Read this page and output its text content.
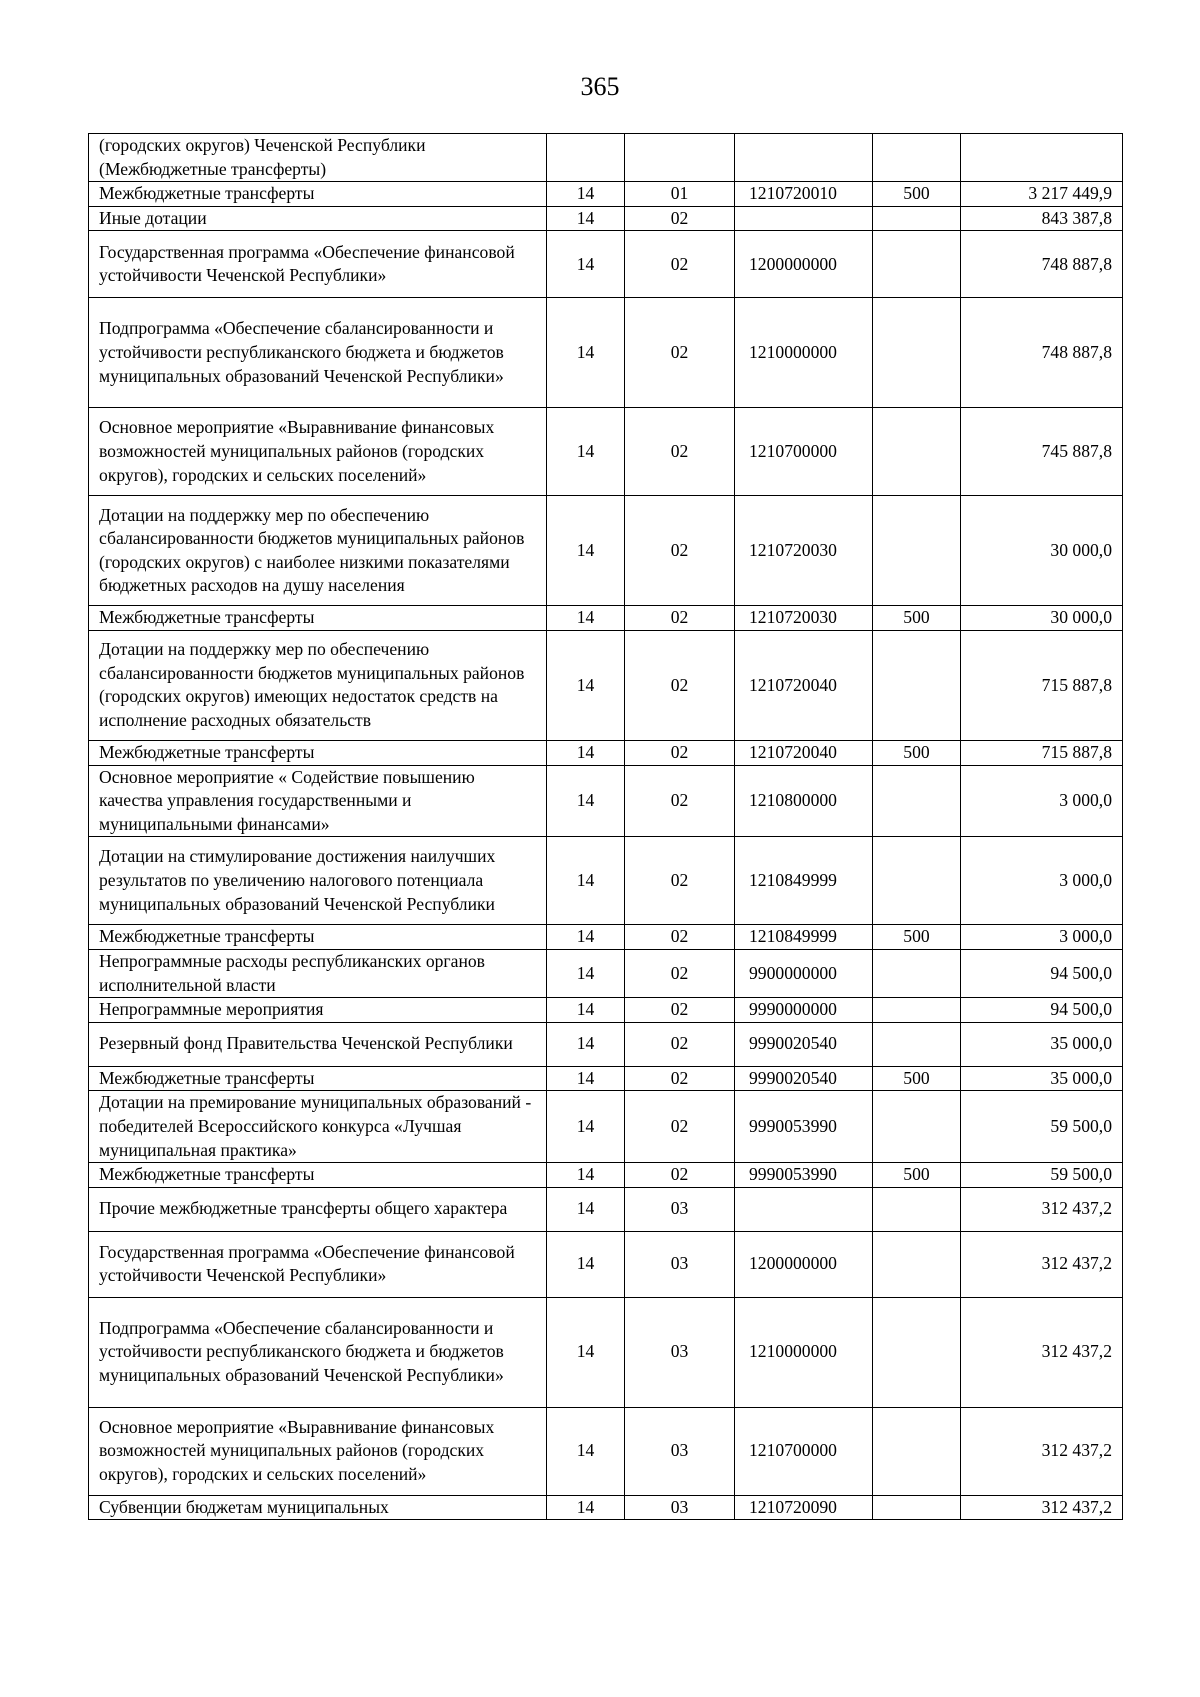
365
(городских округов) Чеченской Республики (Межбюджетные трансферты)					
Межбюджетные трансферты	14	01	1210720010	500	3 217 449,9
Иные дотации	14	02			843 387,8
Государственная программа «Обеспечение финансовой устойчивости Чеченской Республики»	14	02	1200000000		748 887,8
Подпрограмма «Обеспечение сбалансированности и устойчивости республиканского бюджета и бюджетов муниципальных образований Чеченской Республики»	14	02	1210000000		748 887,8
Основное мероприятие «Выравнивание финансовых возможностей муниципальных районов (городских округов), городских и сельских поселений»	14	02	1210700000		745 887,8
Дотации на поддержку мер по обеспечению сбалансированности бюджетов муниципальных районов (городских округов) с наиболее низкими показателями бюджетных расходов на душу населения	14	02	1210720030		30 000,0
Межбюджетные трансферты	14	02	1210720030	500	30 000,0
Дотации на поддержку мер по обеспечению сбалансированности бюджетов муниципальных районов (городских округов) имеющих недостаток средств на исполнение расходных обязательств	14	02	1210720040		715 887,8
Межбюджетные трансферты	14	02	1210720040	500	715 887,8
Основное мероприятие « Содействие повышению качества управления государственными и муниципальными финансами»	14	02	1210800000		3 000,0
Дотации на стимулирование достижения наилучших результатов по увеличению налогового потенциала муниципальных образований Чеченской Республики	14	02	1210849999		3 000,0
Межбюджетные трансферты	14	02	1210849999	500	3 000,0
Непрограммные расходы республиканских органов исполнительной власти	14	02	9900000000		94 500,0
Непрограммные мероприятия	14	02	9990000000		94 500,0
Резервный фонд Правительства Чеченской Республики	14	02	9990020540		35 000,0
Межбюджетные трансферты	14	02	9990020540	500	35 000,0
Дотации на премирование муниципальных образований - победителей Всероссийского конкурса «Лучшая муниципальная практика»	14	02	9990053990		59 500,0
Межбюджетные трансферты	14	02	9990053990	500	59 500,0
Прочие межбюджетные трансферты общего характера	14	03			312 437,2
Государственная программа «Обеспечение финансовой устойчивости Чеченской Республики»	14	03	1200000000		312 437,2
Подпрограмма «Обеспечение сбалансированности и устойчивости республиканского бюджета и бюджетов муниципальных образований Чеченской Республики»	14	03	1210000000		312 437,2
Основное мероприятие «Выравнивание финансовых возможностей муниципальных районов (городских округов), городских и сельских поселений»	14	03	1210700000		312 437,2
Субвенции бюджетам муниципальных	14	03	1210720090		312 437,2
